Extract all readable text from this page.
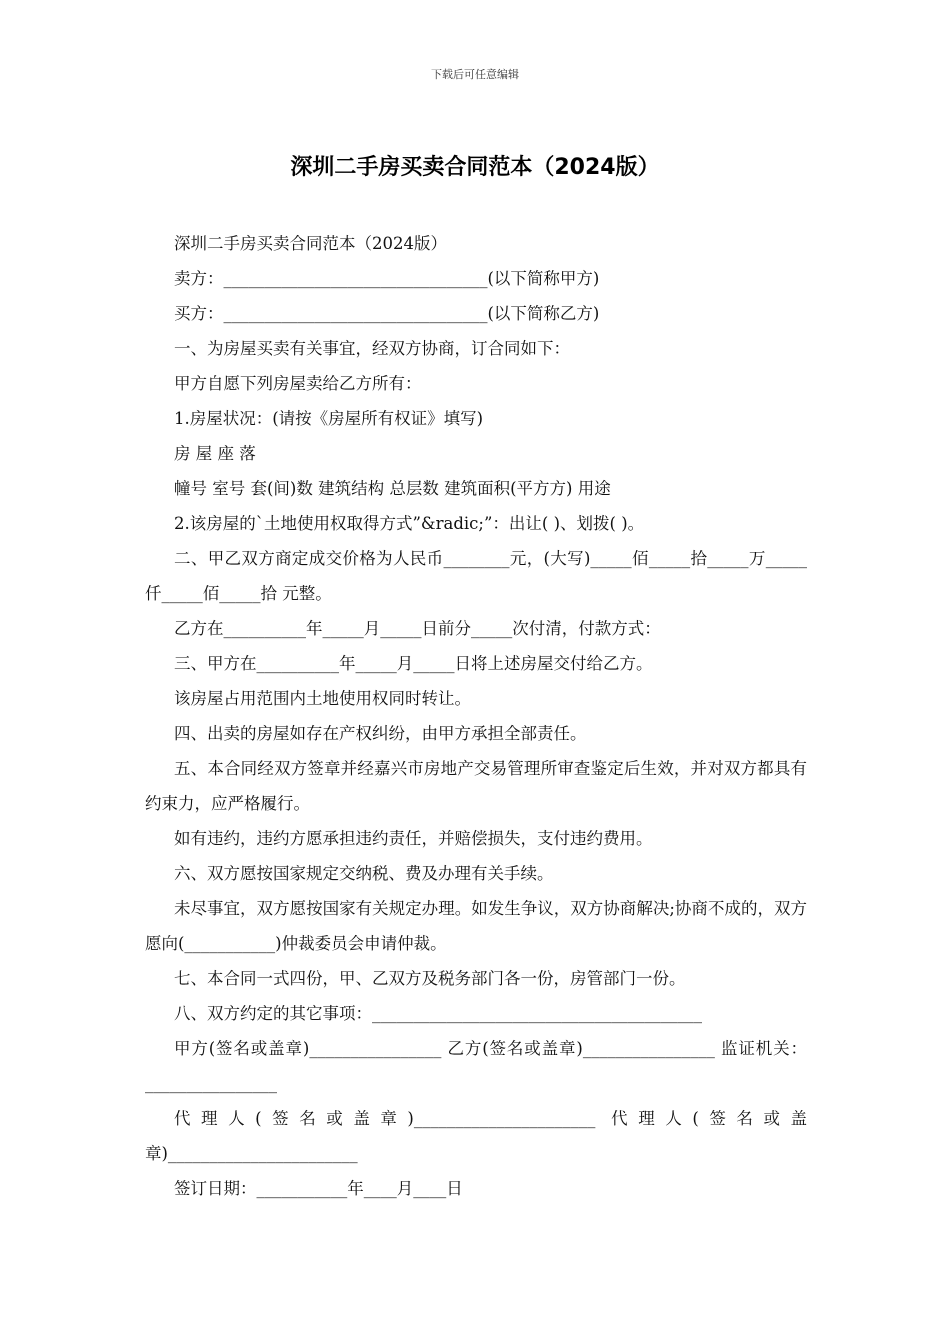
下载后可任意编辑
深圳二手房买卖合同范本（2024版）

深圳二手房买卖合同范本（2024版）

卖方：________________________________(以下简称甲方)

买方：________________________________(以下简称乙方)

一、为房屋买卖有关事宜，经双方协商，订合同如下：

甲方自愿下列房屋卖给乙方所有：

1.房屋状况：(请按《房屋所有权证》填写)

房 屋 座 落

幢号 室号 套(间)数 建筑结构 总层数 建筑面积(平方方) 用途

2.该房屋的`土地使用权取得方式”&radic;”：出让( )、划拨( )。

二、甲乙双方商定成交价格为人民币________元，(大写)_____佰_____拾_____万_____仟_____佰_____拾 元整。

乙方在__________年_____月_____日前分_____次付清，付款方式：

三、甲方在__________年_____月_____日将上述房屋交付给乙方。

该房屋占用范围内土地使用权同时转让。

四、出卖的房屋如存在产权纠纷，由甲方承担全部责任。

五、本合同经双方签章并经嘉兴市房地产交易管理所审查鉴定后生效，并对双方都具有约束力，应严格履行。

如有违约，违约方愿承担违约责任，并赔偿损失，支付违约费用。

六、双方愿按国家规定交纳税、费及办理有关手续。

未尽事宜，双方愿按国家有关规定办理。如发生争议，双方协商解决;协商不成的，双方愿向(___________)仲裁委员会申请仲裁。

七、本合同一式四份，甲、乙双方及税务部门各一份，房管部门一份。

八、双方约定的其它事项：________________________________________

甲方(签名或盖章)________________ 乙方(签名或盖章)________________ 监证机关：________________

代理人(签名或盖章)______________________ 代理人(签名或盖章)_______________________

签订日期：___________年____月____日
